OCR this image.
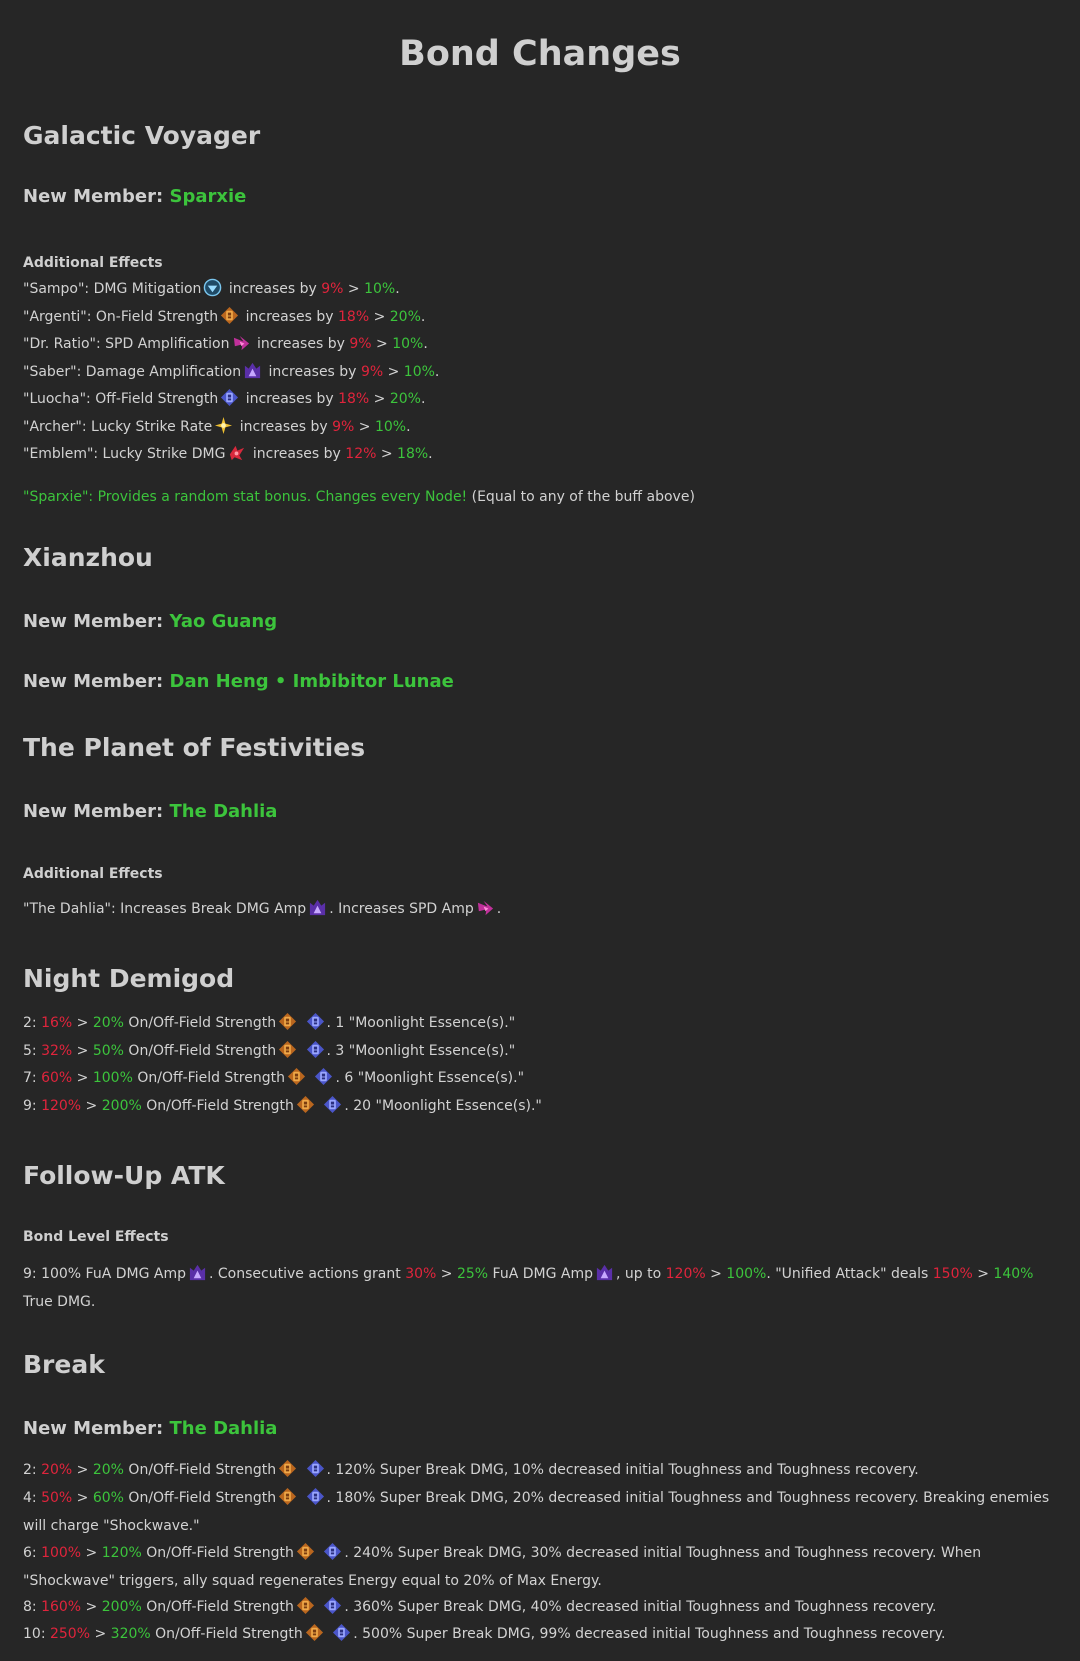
Bond Changes
Galactic Voyager
New Member: Sparxie
Additional Effects

"Sampo": DMG Mitigation increases by 9% > 10%.

"Argenti": On-Field Strength increases by 18% > 20%.

"Dr. Ratio": SPD Amplification increases by 9% > 10%.

"Saber": Damage Amplification increases by 9% > 10%.

"Luocha": Off-Field Strength increases by 18% > 20%.

"Archer": Lucky Strike Rate increases by 9% > 10%.

"Emblem": Lucky Strike DMG increases by 12% > 18%.

"Sparxie": Provides a random stat bonus. Changes every Node! (Equal to any of the buff above)

Xianzhou
New Member: Yao Guang
New Member: Dan Heng • Imbibitor Lunae
The Planet of Festivities
New Member: The Dahlia
Additional Effects

"The Dahlia": Increases Break DMG Amp . Increases SPD Amp .

Night Demigod

2: 16% > 20% On/Off-Field Strength
	. 1 "Moonlight Essence(s)."

5: 32% > 50% On/Off-Field Strength
	. 3 "Moonlight Essence(s)."

7: 60% > 100% On/Off-Field Strength
	. 6 "Moonlight Essence(s)."

9: 120% > 200% On/Off-Field Strength
	. 20 "Moonlight Essence(s)."

Follow-Up ATK
Bond Level Effects

9: 100% FuA DMG Amp . Consecutive actions grant 30% > 25% FuA DMG Amp , up to 120% > 100%. "Unified Attack" deals 150% > 140% True DMG.

Break
New Member: The Dahlia

2: 20% > 20% On/Off-Field Strength
	. 120% Super Break DMG, 10% decreased initial Toughness and Toughness recovery.

4: 50% > 60% On/Off-Field Strength
	. 180% Super Break DMG, 20% decreased initial Toughness and Toughness recovery. Breaking enemies will charge "Shockwave."

6: 100% > 120% On/Off-Field Strength
	. 240% Super Break DMG, 30% decreased initial Toughness and Toughness recovery. When "Shockwave" triggers, ally squad regenerates Energy equal to 20% of Max Energy.

8: 160% > 200% On/Off-Field Strength
	. 360% Super Break DMG, 40% decreased initial Toughness and Toughness recovery.

10: 250% > 320% On/Off-Field Strength
	. 500% Super Break DMG, 99% decreased initial Toughness and Toughness recovery.
